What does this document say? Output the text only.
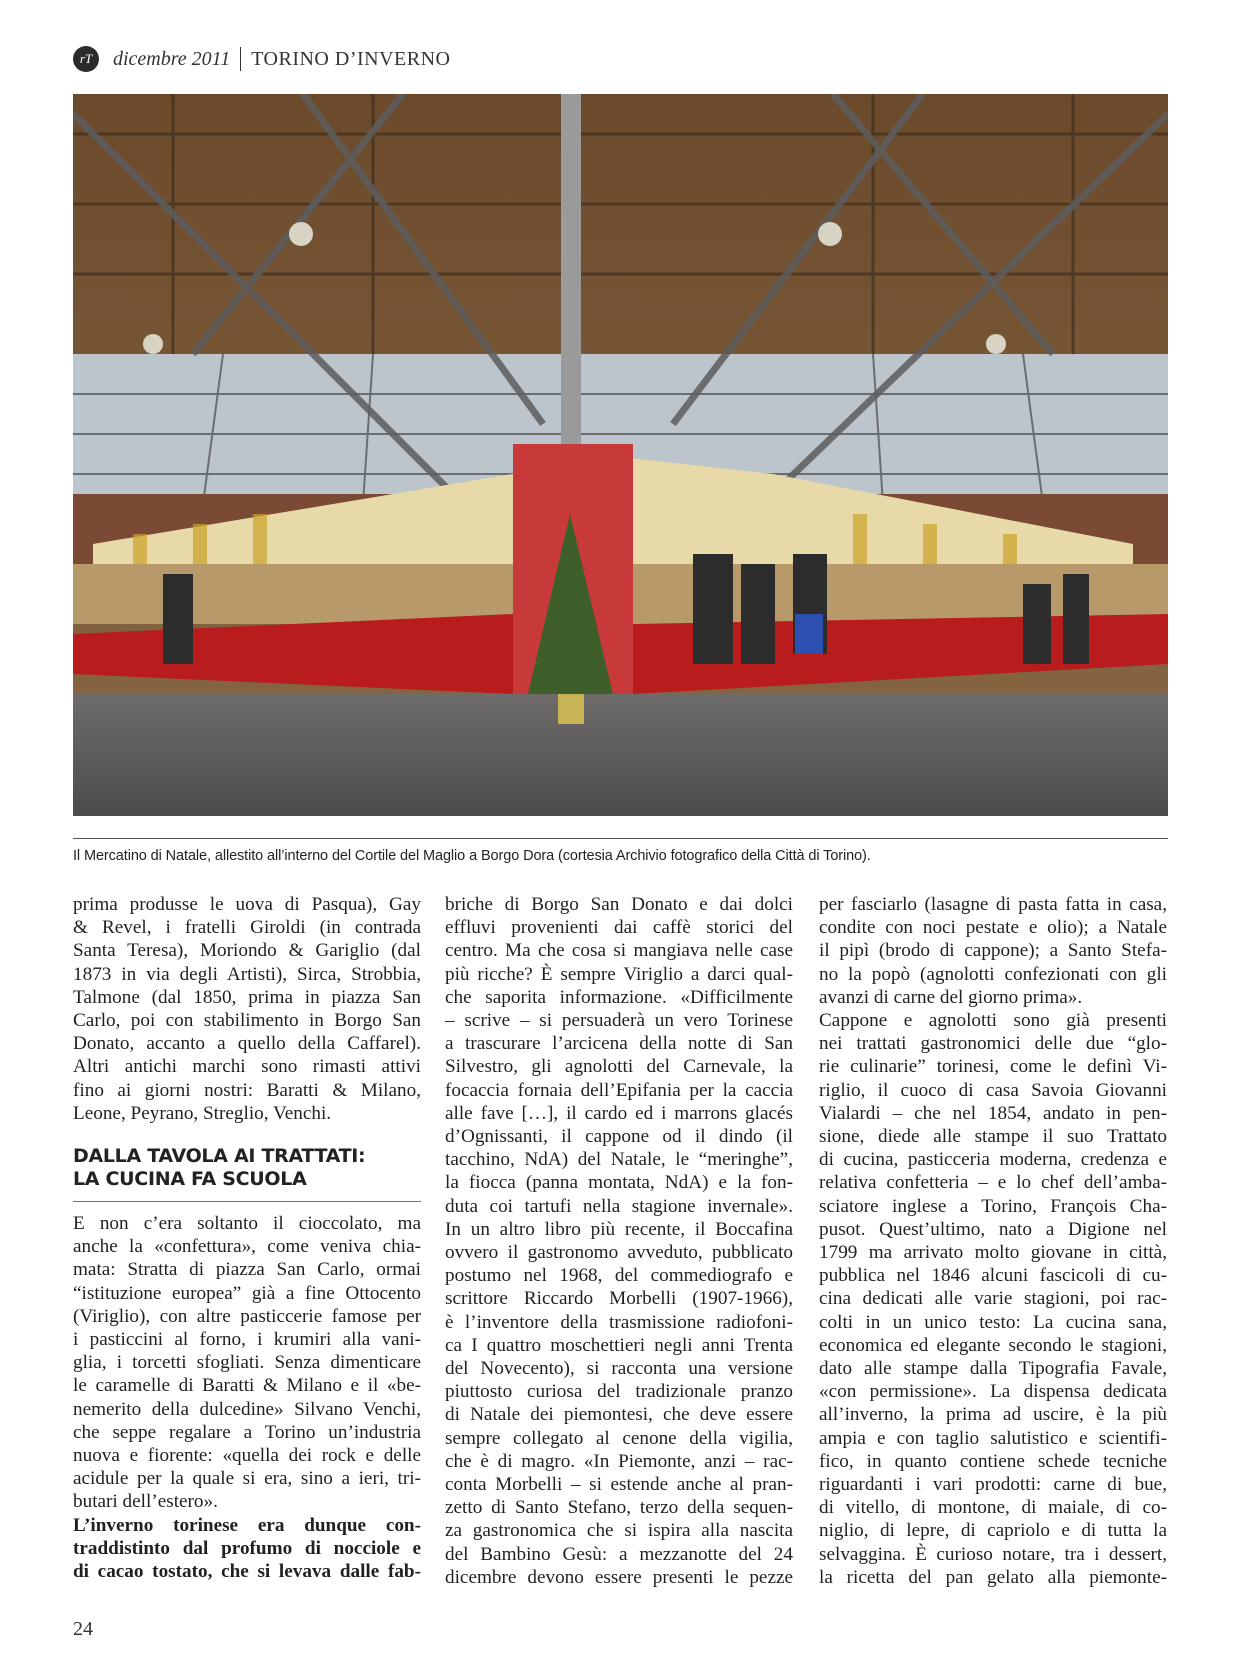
rT	dicembre 2011 TORINO D’INVERNO
Il Mercatino di Natale, allestito all’interno del Cortile del Maglio a Borgo Dora (cortesia Archivio fotografico della Città di Torino).

prima produsse le uova di Pasqua), Gay
& Revel, i fratelli Giroldi (in contrada
Santa Teresa), Moriondo & Gariglio (dal
1873 in via degli Artisti), Sirca, Strobbia,
Talmone (dal 1850, prima in piazza San
Carlo, poi con stabilimento in Borgo San
Donato, accanto a quello della Caffarel).
Altri antichi marchi sono rimasti attivi
fino ai giorni nostri: Baratti & Milano,
Leone, Peyrano, Streglio, Venchi.

DALLA TAVOLA AI TRATTATI:
LA CUCINA FA SCUOLA

E non c’era soltanto il cioccolato, ma
anche la «confettura», come veniva chia-
mata: Stratta di piazza San Carlo, ormai
“istituzione europea” già a fine Ottocento
(Viriglio), con altre pasticcerie famose per
i pasticcini al forno, i krumiri alla vani-
glia, i torcetti sfogliati. Senza dimenticare
le caramelle di Baratti & Milano e il «be-
nemerito della dulcedine» Silvano Venchi,
che seppe regalare a Torino un’industria
nuova e fiorente: «quella dei rock e delle
acidule per la quale si era, sino a ieri, tri-
butari dell’estero».

L’inverno torinese era dunque con-
traddistinto dal profumo di nocciole e
di cacao tostato, che si levava dalle fab-

briche di Borgo San Donato e dai dolci
effluvi provenienti dai caffè storici del
centro. Ma che cosa si mangiava nelle case
più ricche? È sempre Viriglio a darci qual-
che saporita informazione. «Difficilmente
– scrive – si persuaderà un vero Torinese
a trascurare l’arcicena della notte di San
Silvestro, gli agnolotti del Carnevale, la
focaccia fornaia dell’Epifania per la caccia
alle fave […], il cardo ed i marrons glacés
d’Ognissanti, il cappone od il dindo (il
tacchino, NdA) del Natale, le “meringhe”,
la fiocca (panna montata, NdA) e la fon-
duta coi tartufi nella stagione invernale».
In un altro libro più recente, il Boccafina
ovvero il gastronomo avveduto, pubblicato
postumo nel 1968, del commediografo e
scrittore Riccardo Morbelli (1907-1966),
è l’inventore della trasmissione radiofoni-
ca I quattro moschettieri negli anni Trenta
del Novecento), si racconta una versione
piuttosto curiosa del tradizionale pranzo
di Natale dei piemontesi, che deve essere
sempre collegato al cenone della vigilia,
che è di magro. «In Piemonte, anzi – rac-
conta Morbelli – si estende anche al pran-
zetto di Santo Stefano, terzo della sequen-
za gastronomica che si ispira alla nascita
del Bambino Gesù: a mezzanotte del 24
dicembre devono essere presenti le pezze

per fasciarlo (lasagne di pasta fatta in casa,
condite con noci pestate e olio); a Natale
il pipì (brodo di cappone); a Santo Stefa-
no la popò (agnolotti confezionati con gli
avanzi di carne del giorno prima».

Cappone e agnolotti sono già presenti
nei trattati gastronomici delle due “glo-
rie culinarie” torinesi, come le definì Vi-
riglio, il cuoco di casa Savoia Giovanni
Vialardi – che nel 1854, andato in pen-
sione, diede alle stampe il suo Trattato
di cucina, pasticceria moderna, credenza e
relativa confetteria – e lo chef dell’amba-
sciatore inglese a Torino, François Cha-
pusot. Quest’ultimo, nato a Digione nel
1799 ma arrivato molto giovane in città,
pubblica nel 1846 alcuni fascicoli di cu-
cina dedicati alle varie stagioni, poi rac-
colti in un unico testo: La cucina sana,
economica ed elegante secondo le stagioni,
dato alle stampe dalla Tipografia Favale,
«con permissione». La dispensa dedicata
all’inverno, la prima ad uscire, è la più
ampia e con taglio salutistico e scientifi-
fico, in quanto contiene schede tecniche
riguardanti i vari prodotti: carne di bue,
di vitello, di montone, di maiale, di co-
niglio, di lepre, di capriolo e di tutta la
selvaggina. È curioso notare, tra i dessert,
la ricetta del pan gelato alla piemonte-

24
